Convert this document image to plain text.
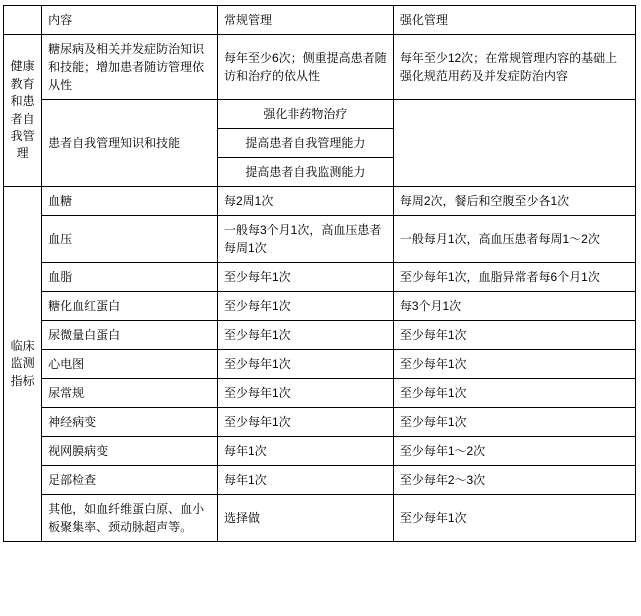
	内容	常规管理	强化管理

健康教育和患者自我管理	糖尿病及相关并发症防治知识和技能；增加患者随访管理依从性	每年至少6次；侧重提高患者随访和治疗的依从性	每年至少12次；在常规管理内容的基础上强化规范用药及并发症防治内容
	患者自我管理知识和技能	强化非药物治疗	
		提高患者自我管理能力	
		提高患者自我监测能力	

临床监测指标	血糖	每2周1次	每周2次，餐后和空腹至少各1次
	血压	一般每3个月1次，高血压患者每周1次	一般每月1次，高血压患者每周1～2次
	血脂	至少每年1次	至少每年1次，血脂异常者每6个月1次
	糖化血红蛋白	至少每年1次	每3个月1次
	尿微量白蛋白	至少每年1次	至少每年1次
	心电图	至少每年1次	至少每年1次
	尿常规	至少每年1次	至少每年1次
	神经病变	至少每年1次	至少每年1次
	视网膜病变	每年1次	至少每年1～2次
	足部检查	每年1次	至少每年2～3次
	其他，如血纤维蛋白原、血小板聚集率、颈动脉超声等。	选择做	至少每年1次
